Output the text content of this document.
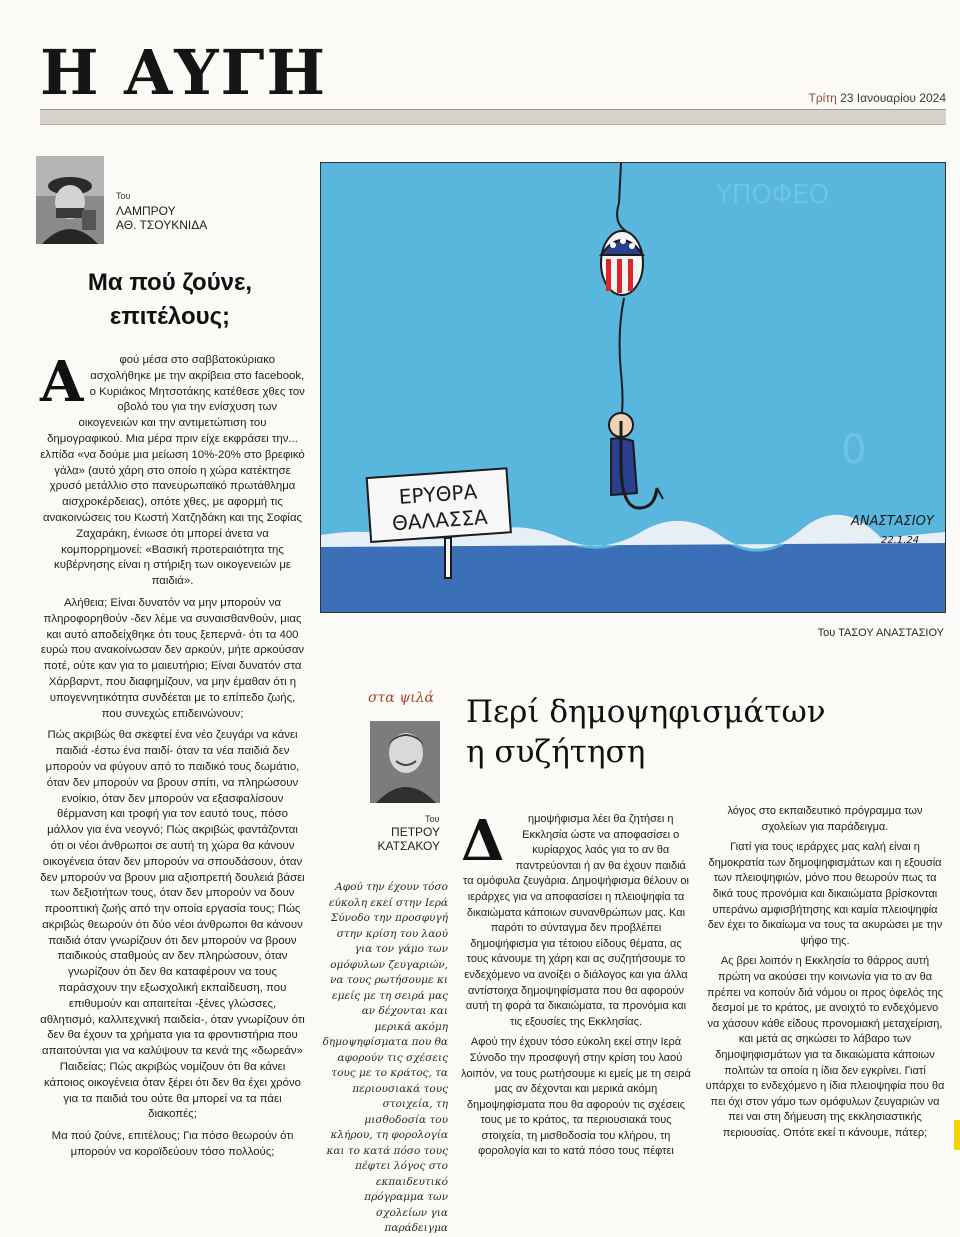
Η ΑΥΓΗ	Τρίτη 23 Ιανουαρίου 2024
Του
ΛΑΜΠΡΟΥ
ΑΘ. ΤΣΟΥΚΝΙΔΑ
Μα πού ζούνε,
επιτέλους;

Α	φού μέσα στο σαββατοκύριακο ασχολήθηκε με την ακρίβεια στο facebook, ο Κυριάκος Μητσοτάκης κατέθεσε χθες τον οβολό του για την ενίσχυση των οικογενειών και την αντιμετώπιση του δημογραφικού. Μια μέρα πριν είχε εκφράσει την... ελπίδα «να δούμε μια μείωση 10%-20% στο βρεφικό γάλα» (αυτό χάρη στο οποίο η χώρα κατέκτησε χρυσό μετάλλιο στο πανευρωπαϊκό πρωτάθλημα αισχροκέρδειας), οπότε χθες, με αφορμή τις ανακοινώσεις του Κωστή Χατζηδάκη και της Σοφίας Ζαχαράκη, ένιωσε ότι μπορεί άνετα να κομπορρημονεί: «Βασική προτεραιότητα της κυβέρνησης είναι η στήριξη των οικογενειών με παιδιά».

Αλήθεια; Είναι δυνατόν να μην μπορούν να πληροφορηθούν -δεν λέμε να συναισθανθούν, μιας και αυτό αποδείχθηκε ότι τους ξεπερνά- ότι τα 400 ευρώ που ανακοίνωσαν δεν αρκούν, μήτε αρκούσαν ποτέ, ούτε καν για το μαιευτήριο; Είναι δυνατόν στα Χάρβαρντ, που διαφημίζουν, να μην έμαθαν ότι η υπογεννητικότητα συνδέεται με το επίπεδο ζωής, που συνεχώς επιδεινώνουν;

Πώς ακριβώς θα σκεφτεί ένα νέο ζευγάρι να κάνει παιδιά -έστω ένα παιδί- όταν τα νέα παιδιά δεν μπορούν να φύγουν από το παιδικό τους δωμάτιο, όταν δεν μπορούν να βρουν σπίτι, να πληρώσουν ενοίκιο, όταν δεν μπορούν να εξασφαλίσουν θέρμανση και τροφή για τον εαυτό τους, πόσο μάλλον για ένα νεογνό; Πώς ακριβώς φαντάζονται ότι οι νέοι άνθρωποι σε αυτή τη χώρα θα κάνουν οικογένεια όταν δεν μπορούν να σπουδάσουν, όταν δεν μπορούν να βρουν μια αξιοπρεπή δουλειά βάσει των δεξιοτήτων τους, όταν δεν μπορούν να δουν προοπτική ζωής από την οποία εργασία τους; Πώς ακριβώς θεωρούν ότι δύο νέοι άνθρωποι θα κάνουν παιδιά όταν γνωρίζουν ότι δεν μπορούν να βρουν παιδικούς σταθμούς αν δεν πληρώσουν, όταν γνωρίζουν ότι δεν θα καταφέρουν να τους παράσχουν την εξωσχολική εκπαίδευση, που επιθυμούν και απαιτείται -ξένες γλώσσες, αθλητισμό, καλλιτεχνική παιδεία-, όταν γνωρίζουν ότι δεν θα έχουν τα χρήματα για τα φροντιστήρια που απαιτούνται για να καλύψουν τα κενά της «δωρεάν» Παιδείας; Πώς ακριβώς νομίζουν ότι θα κάνει κάποιος οικογένεια όταν ξέρει ότι δεν θα έχει χρόνο για τα παιδιά του ούτε θα μπορεί να τα πάει διακοπές;

Μα πού ζούνε, επιτέλους; Για πόσο θεωρούν ότι μπορούν να κοροϊδεύουν τόσο πολλούς;

ΥΠΟΦΕΟ
0
ΕΡΥΘΡΑ
ΘΑΛΑΣΣΑ	ΑΝΑΣΤΑΣΙΟΥ
22.1.24
Του ΤΑΣΟΥ ΑΝΑΣΤΑΣΙΟΥ
στα ψιλά
Του
ΠΕΤΡΟΥ
ΚΑΤΣΑΚΟΥ
Περί δημοψηφισμάτων
η συζήτηση
Αφού την έχουν τόσο εύκολη εκεί στην Ιερά Σύνοδο την προσφυγή στην κρίση του λαού για τον γάμο των ομόφυλων ζευγαριών, να τους ρωτήσουμε κι εμείς με τη σειρά μας αν δέχονται και μερικά ακόμη δημοψηφίσματα που θα αφορούν τις σχέσεις τους με το κράτος, τα περιουσιακά τους στοιχεία, τη μισθοδοσία του κλήρου, τη φορολογία και το κατά πόσο τους πέφτει λόγος στο εκπαιδευτικό πρόγραμμα των σχολείων για παράδειγμα

Δ ημοψήφισμα λέει θα ζητήσει η Εκκλησία ώστε να αποφασίσει ο κυρίαρχος λαός για το αν θα παντρεύονται ή αν θα έχουν παιδιά τα ομόφυλα ζευγάρια. Δημοψήφισμα θέλουν οι ιεράρχες για να αποφασίσει η πλειοψηφία τα δικαιώματα κάποιων συνανθρώπων μας. Και παρότι το σύνταγμα δεν προβλέπει δημοψήφισμα για τέτοιου είδους θέματα, ας τους κάνουμε τη χάρη και ας συζητήσουμε το ενδεχόμενο να ανοίξει ο διάλογος και για άλλα αντίστοιχα δημοψηφίσματα που θα αφορούν αυτή τη φορά τα δικαιώματα, τα προνόμια και τις εξουσίες της Εκκλησίας.

Αφού την έχουν τόσο εύκολη εκεί στην Ιερά Σύνοδο την προσφυγή στην κρίση του λαού λοιπόν, να τους ρωτήσουμε κι εμείς με τη σειρά μας αν δέχονται και μερικά ακόμη δημοψηφίσματα που θα αφορούν τις σχέσεις τους με το κράτος, τα περιουσιακά τους στοιχεία, τη μισθοδοσία του κλήρου, τη φορολογία και το κατά πόσο τους πέφτει

λόγος στο εκπαιδευτικό πρόγραμμα των σχολείων για παράδειγμα.

Γιατί για τους ιεράρχες μας καλή είναι η δημοκρατία των δημοψηφισμάτων και η εξουσία των πλειοψηφιών, μόνο που θεωρούν πως τα δικά τους προνόμια και δικαιώματα βρίσκονται υπεράνω αμφισβήτησης και καμία πλειοψηφία δεν έχει το δικαίωμα να τους τα ακυρώσει με την ψήφο της.

Ας βρει λοιπόν η Εκκλησία το θάρρος αυτή πρώτη να ακούσει την κοινωνία για το αν θα πρέπει να κοπούν διά νόμου οι προς όφελός της δεσμοί με το κράτος, με ανοιχτό το ενδεχόμενο να χάσουν κάθε είδους προνομιακή μεταχείριση, και μετά ας σηκώσει το λάβαρο των δημοψηφισμάτων για τα δικαιώματα κάποιων πολιτών τα οποία η ίδια δεν εγκρίνει. Γιατί υπάρχει το ενδεχόμενο η ίδια πλειοψηφία που θα πει όχι στον γάμο των ομόφυλων ζευγαριών να πει ναι στη δήμευση της εκκλησιαστικής περιουσίας. Οπότε εκεί τι κάνουμε, πάτερ;
